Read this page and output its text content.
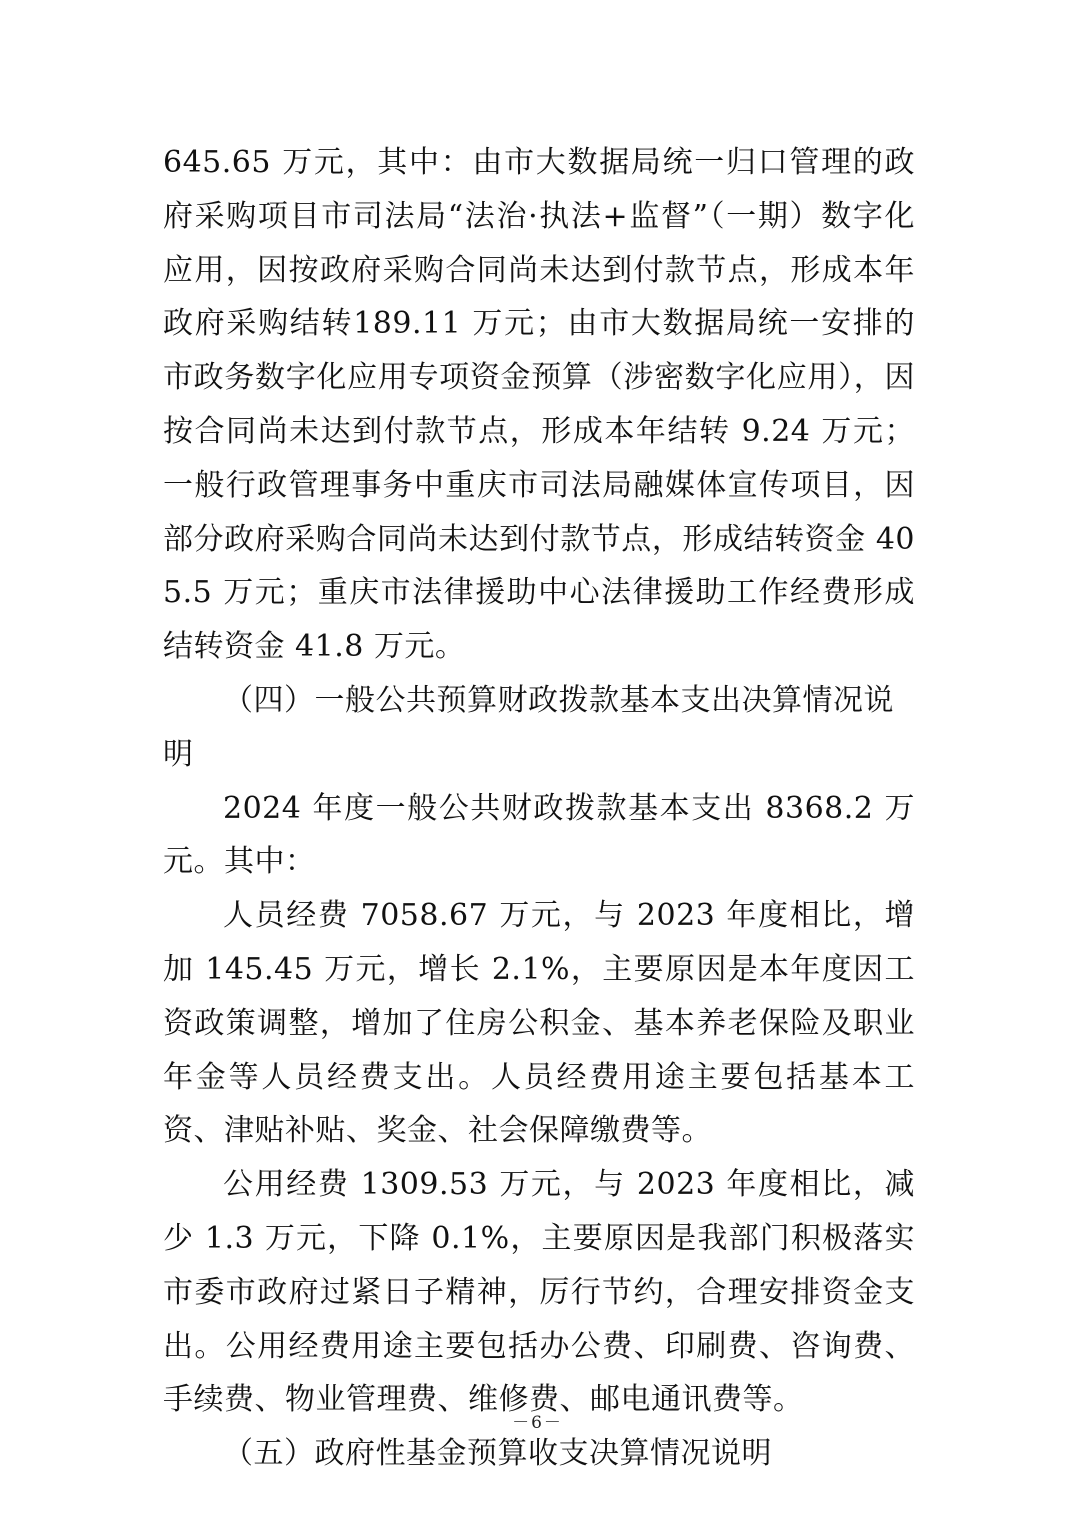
645.65 万元，其中：由市大数据局统一归口管理的政府采购项目市司法局“法治·执法+监督”（一期）数字化应用，因按政府采购合同尚未达到付款节点，形成本年政府采购结转189.11 万元；由市大数据局统一安排的市政务数字化应用专项资金预算（涉密数字化应用），因按合同尚未达到付款节点，形成本年结转 9.24 万元；一般行政管理事务中重庆市司法局融媒体宣传项目，因部分政府采购合同尚未达到付款节点，形成结转资金 405.5 万元；重庆市法律援助中心法律援助工作经费形成结转资金 41.8 万元。

（四）一般公共预算财政拨款基本支出决算情况说明

2024 年度一般公共财政拨款基本支出 8368.2 万元。其中：

人员经费 7058.67 万元，与 2023 年度相比，增加 145.45 万元，增长 2.1%，主要原因是本年度因工资政策调整，增加了住房公积金、基本养老保险及职业年金等人员经费支出。人员经费用途主要包括基本工资、津贴补贴、奖金、社会保障缴费等。

公用经费 1309.53 万元，与 2023 年度相比，减少 1.3 万元，下降 0.1%，主要原因是我部门积极落实市委市政府过紧日子精神，厉行节约，合理安排资金支出。公用经费用途主要包括办公费、印刷费、咨询费、手续费、物业管理费、维修费、邮电通讯费等。

（五）政府性基金预算收支决算情况说明
－6－
